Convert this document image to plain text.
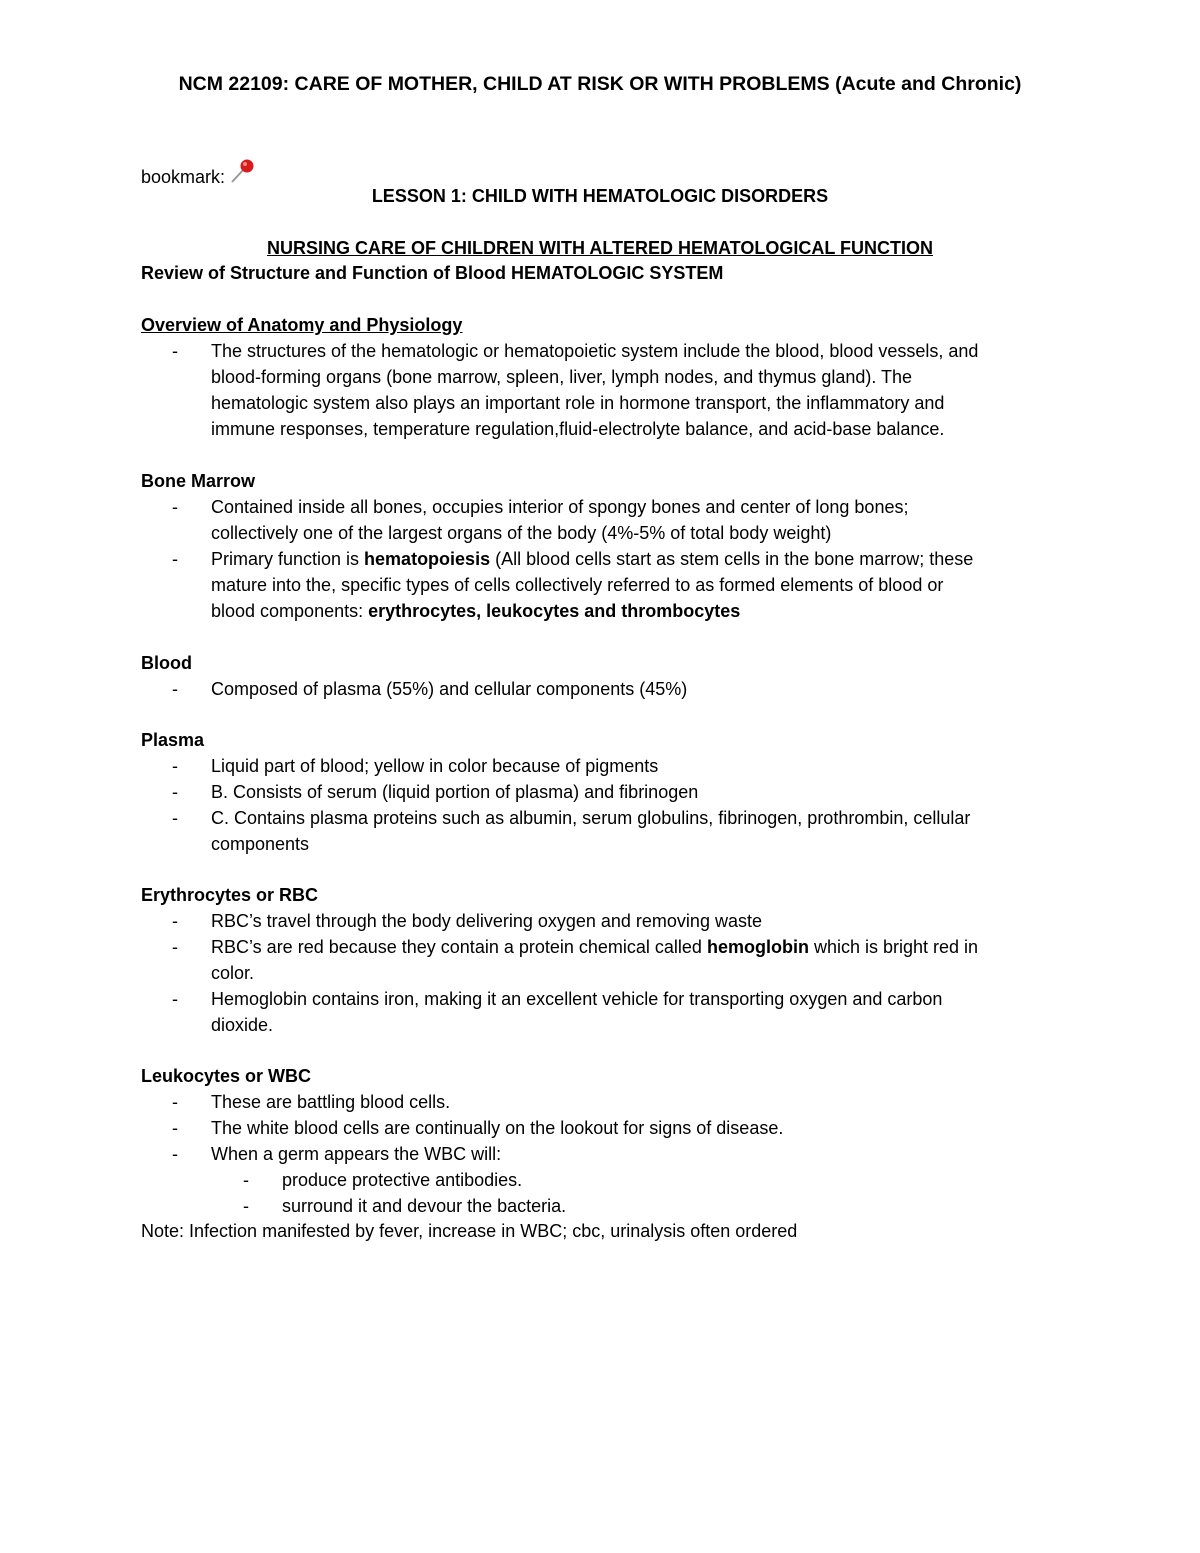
NCM 22109: CARE OF MOTHER, CHILD AT RISK OR WITH PROBLEMS (Acute and Chronic)
bookmark:
LESSON 1: CHILD WITH HEMATOLOGIC DISORDERS
NURSING CARE OF CHILDREN WITH ALTERED HEMATOLOGICAL FUNCTION
Review of Structure and Function of Blood HEMATOLOGIC SYSTEM
Overview of Anatomy and Physiology
- The structures of the hematologic or hematopoietic system include the blood, blood vessels, and
blood-forming organs (bone marrow, spleen, liver, lymph nodes, and thymus gland). The
hematologic system also plays an important role in hormone transport, the inflammatory and
immune responses, temperature regulation,fluid-electrolyte balance, and acid-base balance.
Bone Marrow
- Contained inside all bones, occupies interior of spongy bones and center of long bones;
collectively one of the largest organs of the body (4%-5% of total body weight)
- Primary function is hematopoiesis (All blood cells start as stem cells in the bone marrow; these
mature into the, specific types of cells collectively referred to as formed elements of blood or
blood components: erythrocytes, leukocytes and thrombocytes
Blood
- Composed of plasma (55%) and cellular components (45%)
Plasma
- Liquid part of blood; yellow in color because of pigments
- B. Consists of serum (liquid portion of plasma) and fibrinogen
- C. Contains plasma proteins such as albumin, serum globulins, fibrinogen, prothrombin, cellular
components
Erythrocytes or RBC
- RBC’s travel through the body delivering oxygen and removing waste
- RBC’s are red because they contain a protein chemical called hemoglobin which is bright red in
color.
- Hemoglobin contains iron, making it an excellent vehicle for transporting oxygen and carbon
dioxide.
Leukocytes or WBC
- These are battling blood cells.
- The white blood cells are continually on the lookout for signs of disease.
- When a germ appears the WBC will:
- produce protective antibodies.
- surround it and devour the bacteria.
Note: Infection manifested by fever, increase in WBC; cbc, urinalysis often ordered
